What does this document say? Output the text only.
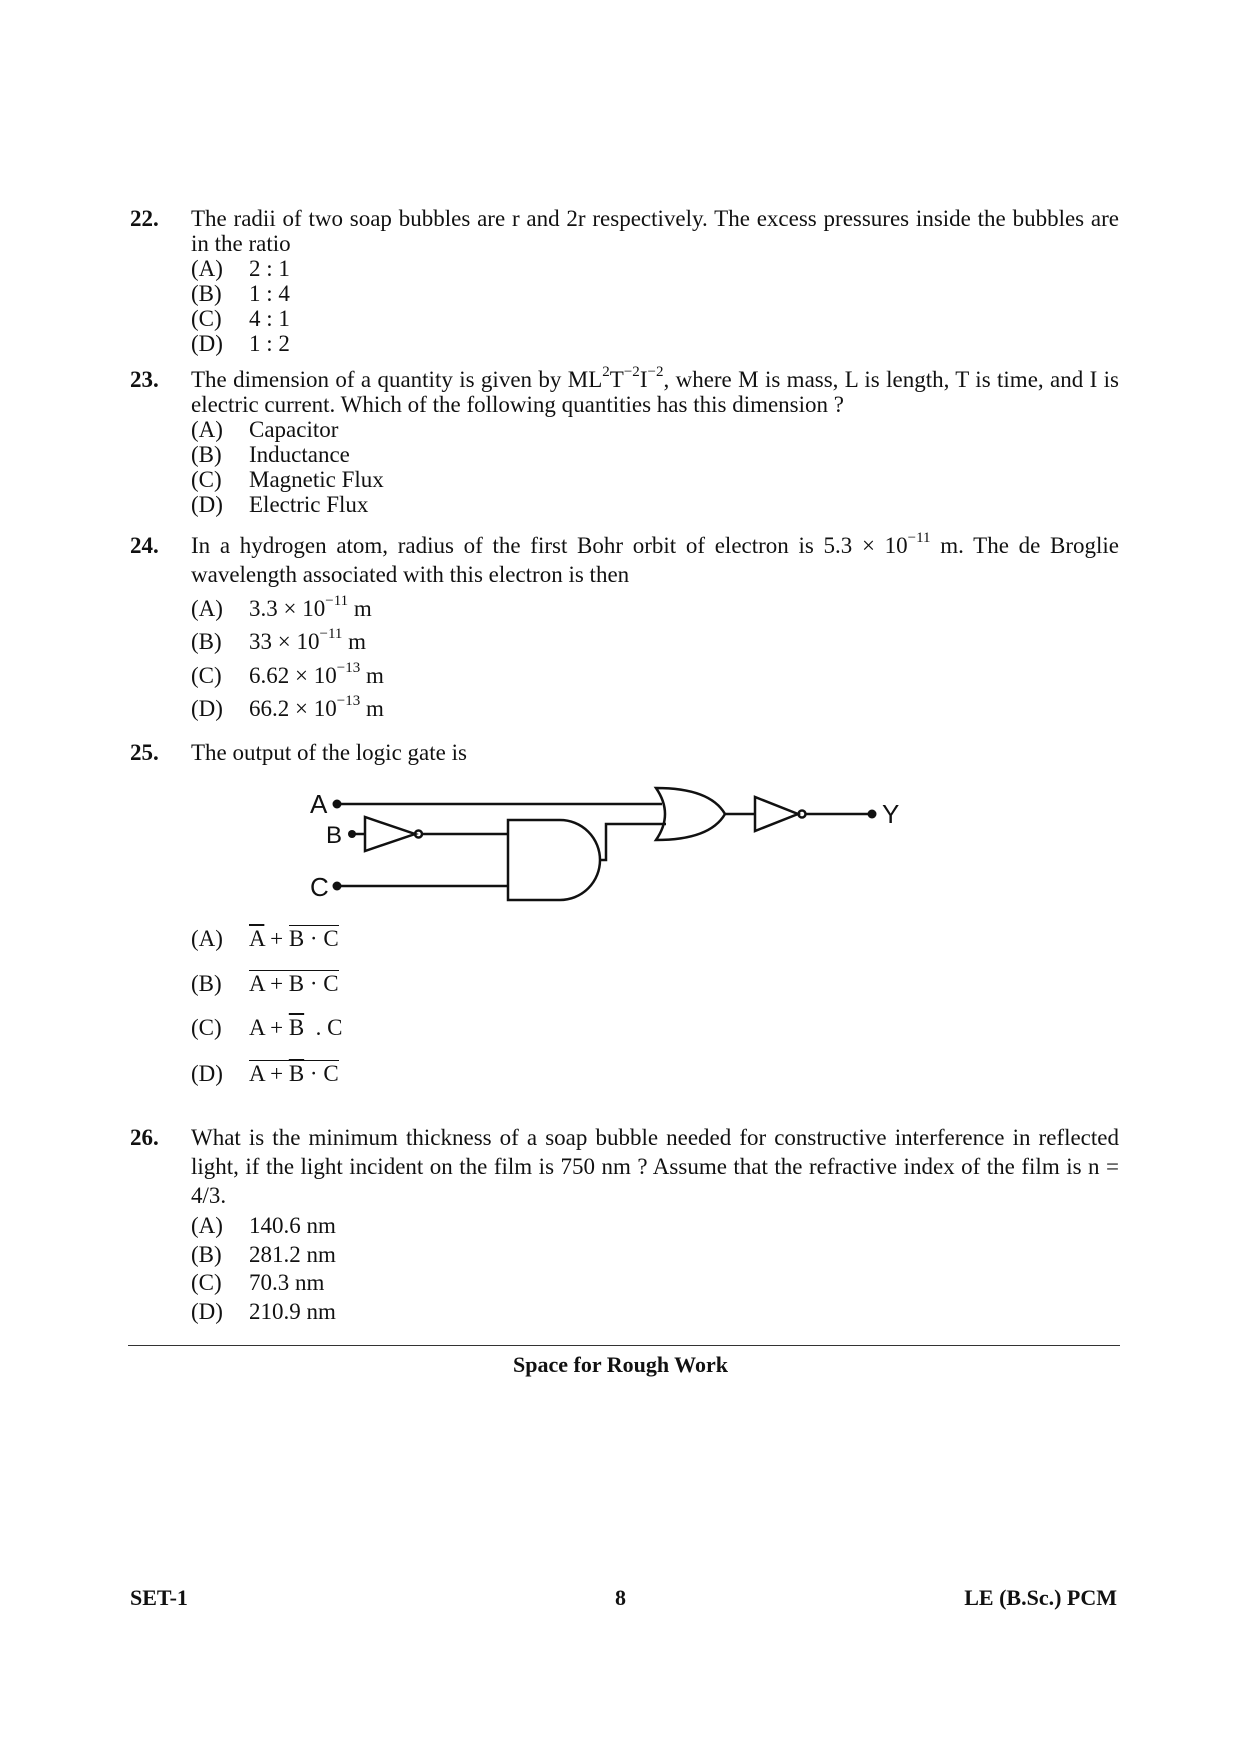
22. The radii of two soap bubbles are r and 2r respectively. The excess pressures inside the bubbles are in the ratio
(A) 2 : 1
(B) 1 : 4
(C) 4 : 1
(D) 1 : 2
23. The dimension of a quantity is given by $ML^2T^{-2}I^{-2}$, where M is mass, L is length, T is time, and I is electric current. Which of the following quantities has this dimension ?
(A) Capacitor
(B) Inductance
(C) Magnetic Flux
(D) Electric Flux
24. In a hydrogen atom, radius of the first Bohr orbit of electron is $5.3 \times 10^{-11}$ m. The de Broglie wavelength associated with this electron is then
(A) $3.3 \times 10^{-11}$ m
(B) $33 \times 10^{-11}$ m
(C) $6.62 \times 10^{-13}$ m
(D) $66.2 \times 10^{-13}$ m
25. The output of the logic gate is
A
B
C
Y
(A) $\overline{A} + B \cdot C$
(B) A + B · C
(C) $A + \overline{B}$  . C
(D) $A + \overline{B} \cdot C$
26. What is the minimum thickness of a soap bubble needed for constructive interference in reflected light, if the light incident on the film is 750 nm ? Assume that the refractive index of the film is n = 4/3.
(A) 140.6 nm
(B) 281.2 nm
(C) 70.3 nm
(D) 210.9 nm
Space for Rough Work
SET-1	8	LE (B.Sc.) PCM
